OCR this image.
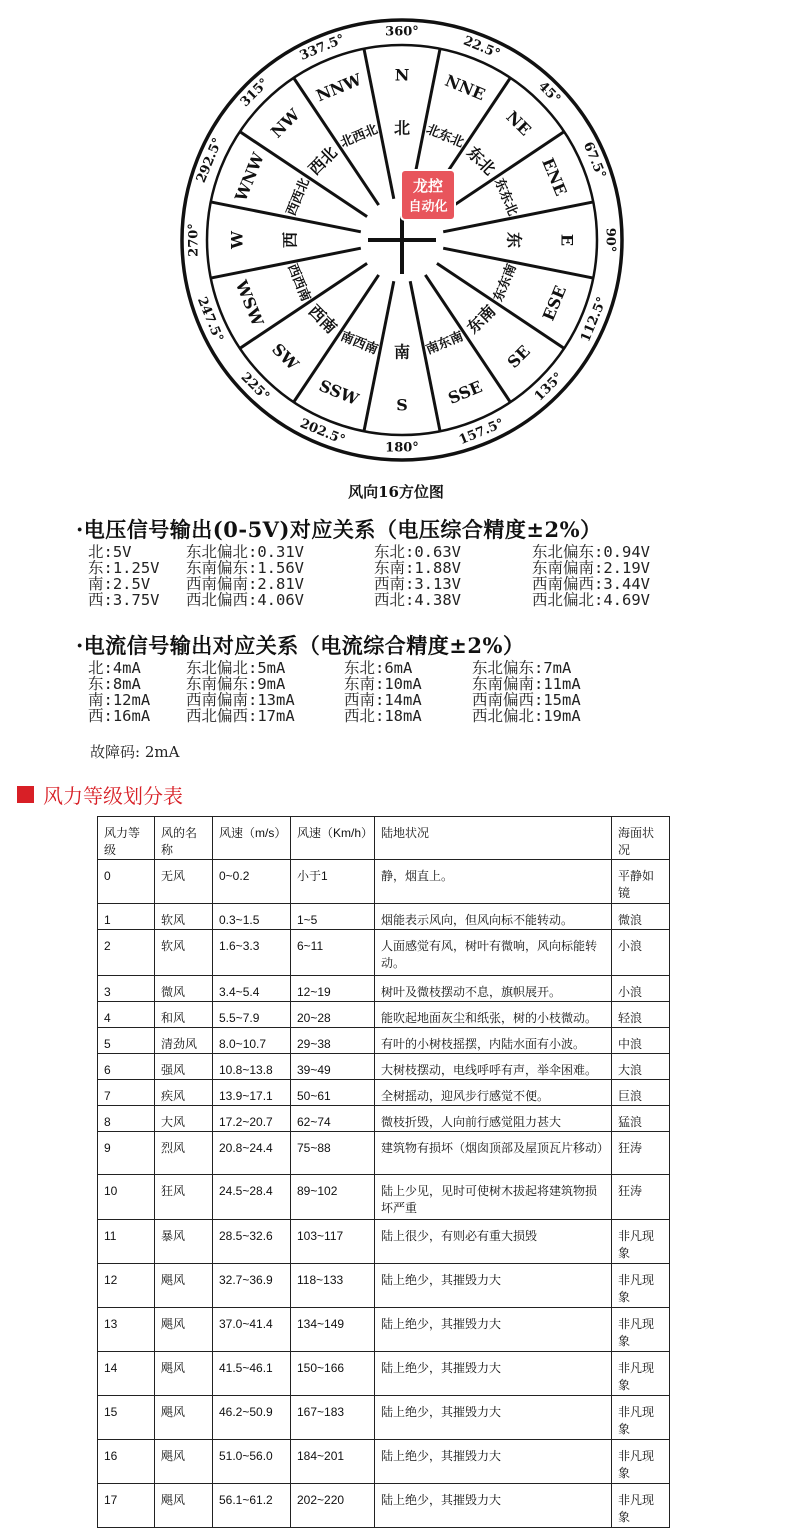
360°
22.5°
45°
67.5°
90°
112.5°
135°
157.5°
180°
202.5°
225°
247.5°
270°
292.5°
315°
337.5°
N
北
NNE
北东北 NE
东北 ENE
东东北
E
东
ESE
东东南
SE
东南
SSE
南东南
S
南
SSW
南西南
SW
西南
WSW 西西南
W 西
WNW 西西北
NW
西北
NNW
北西北
龙控
自动化
风向16方位图
·电压信号输出(0-5V)对应关系（电压综合精度±2%）
北:5V	东北偏北:0.31V	东北:0.63V	东北偏东:0.94V
东:1.25V	东南偏东:1.56V	东南:1.88V	东南偏南:2.19V
南:2.5V	西南偏南:2.81V	西南:3.13V	西南偏西:3.44V
西:3.75V	西北偏西:4.06V	西北:4.38V	西北偏北:4.69V
·电流信号输出对应关系（电流综合精度±2%）
北:4mA	东北偏北:5mA	东北:6mA	东北偏东:7mA
东:8mA	东南偏东:9mA	东南:10mA	东南偏南:11mA
南:12mA	西南偏南:13mA	西南:14mA	西南偏西:15mA
西:16mA	西北偏西:17mA	西北:18mA	西北偏北:19mA
故障码: 2mA
风力等级划分表
风力等级	风的名称	风速（m/s）	风速（Km/h）	陆地状况	海面状况
0	无风	0~0.2	小于1	静，烟直上。	平静如镜
1	软风	0.3~1.5	1~5	烟能表示风向，但风向标不能转动。	微浪
2	软风	1.6~3.3	6~11	人面感觉有风，树叶有微响，风向标能转动。	小浪
3	微风	3.4~5.4	12~19	树叶及微枝摆动不息，旗帜展开。	小浪
4	和风	5.5~7.9	20~28	能吹起地面灰尘和纸张，树的小枝微动。	轻浪
5	清劲风	8.0~10.7	29~38	有叶的小树枝摇摆，内陆水面有小波。	中浪
6	强风	10.8~13.8	39~49	大树枝摆动，电线呼呼有声，举伞困难。	大浪
7	疾风	13.9~17.1	50~61	全树摇动，迎风步行感觉不便。	巨浪
8	大风	17.2~20.7	62~74	微枝折毁，人向前行感觉阻力甚大	猛浪
9	烈风	20.8~24.4	75~88	建筑物有损坏（烟囱顶部及屋顶瓦片移动）	狂涛
10	狂风	24.5~28.4	89~102	陆上少见，见时可使树木拔起将建筑物损坏严重	狂涛
11	暴风	28.5~32.6	103~117	陆上很少，有则必有重大损毁	非凡现象
12	飓风	32.7~36.9	118~133	陆上绝少，其摧毁力大	非凡现象
13	飓风	37.0~41.4	134~149	陆上绝少，其摧毁力大	非凡现象
14	飓风	41.5~46.1	150~166	陆上绝少，其摧毁力大	非凡现象
15	飓风	46.2~50.9	167~183	陆上绝少，其摧毁力大	非凡现象
16	飓风	51.0~56.0	184~201	陆上绝少，其摧毁力大	非凡现象
17	飓风	56.1~61.2	202~220	陆上绝少，其摧毁力大	非凡现象
